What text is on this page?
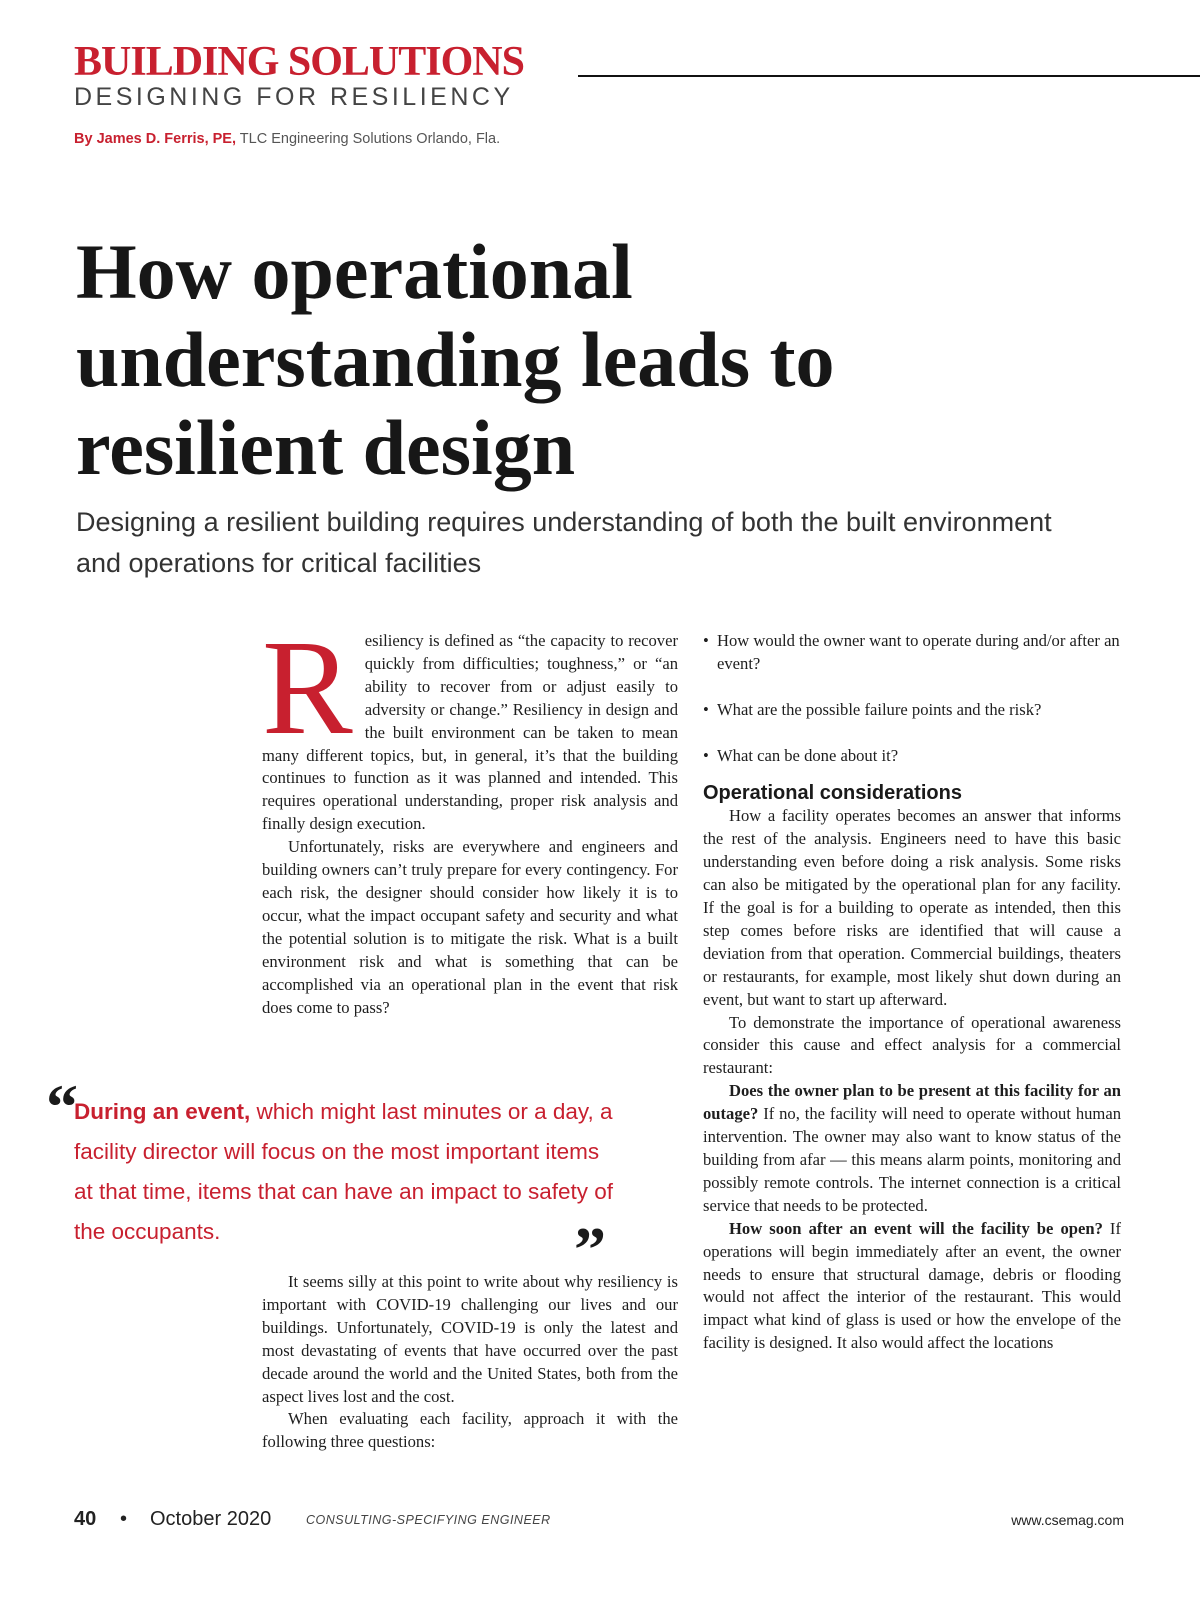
BUILDING SOLUTIONS
DESIGNING FOR RESILIENCY
By James D. Ferris, PE, TLC Engineering Solutions Orlando, Fla.
How operational understanding leads to resilient design
Designing a resilient building requires understanding of both the built environment and operations for critical facilities

Resiliency is defined as “the capacity to recover quickly from difficulties; toughness,” or “an ability to recover from or adjust easily to adversity or change.” Resiliency in design and the built environment can be taken to mean many different topics, but, in general, it’s that the building continues to function as it was planned and intended. This requires operational understanding, proper risk analysis and finally design execution.

Unfortunately, risks are everywhere and engineers and building owners can’t truly prepare for every contingency. For each risk, the designer should consider how likely it is to occur, what the impact occupant safety and security and what the potential solution is to mitigate the risk. What is a built environment risk and what is something that can be accomplished via an operational plan in the event that risk does come to pass?

“

During an event, which might last minutes or a day, a facility director will focus on the most important items at that time, items that can have an impact to safety of the occupants.	”

It seems silly at this point to write about why resiliency is important with COVID-19 challenging our lives and our buildings. Unfortunately, COVID-19 is only the latest and most devastating of events that have occurred over the past decade around the world and the United States, both from the aspect lives lost and the cost.

When evaluating each facility, approach it with the following three questions:

• How would the owner want to operate during and/or after an event?
• What are the possible failure points and the risk?
• What can be done about it?
Operational considerations

How a facility operates becomes an answer that informs the rest of the analysis. Engineers need to have this basic understanding even before doing a risk analysis. Some risks can also be mitigated by the operational plan for any facility. If the goal is for a building to operate as intended, then this step comes before risks are identified that will cause a deviation from that operation. Commercial buildings, theaters or restaurants, for example, most likely shut down during an event, but want to start up afterward.

To demonstrate the importance of operational awareness consider this cause and effect analysis for a commercial restaurant:

Does the owner plan to be present at this facility for an outage? If no, the facility will need to operate without human intervention. The owner may also want to know status of the building from afar — this means alarm points, monitoring and possibly remote controls. The internet connection is a critical service that needs to be protected.

How soon after an event will the facility be open? If operations will begin immediately after an event, the owner needs to ensure that structural damage, debris or flooding would not affect the interior of the restaurant. This would impact what kind of glass is used or how the envelope of the facility is designed. It also would affect the locations

40 • October 2020	CONSULTING-SPECIFYING ENGINEER	www.csemag.com
